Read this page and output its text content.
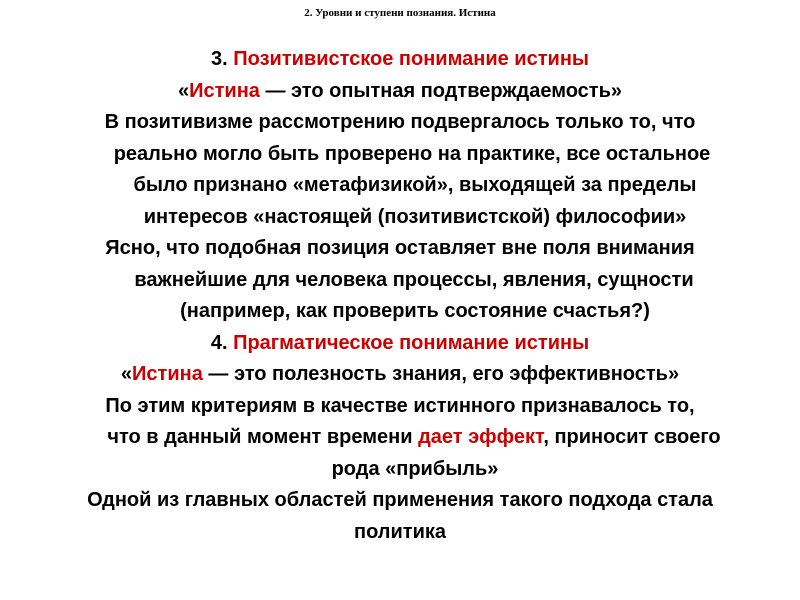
2. Уровни и ступени познания. Истина

3. Позитивистское понимание истины

«Истина — это опытная подтверждаемость»

В позитивизме рассмотрению подвергалось только то, что
реально могло быть проверено на практике, все остальное
было признано «метафизикой», выходящей за пределы
интересов «настоящей (позитивистской) философии»

Ясно, что подобная позиция оставляет вне поля внимания
важнейшие для человека процессы, явления, сущности
(например, как проверить состояние счастья?)

4. Прагматическое понимание истины

«Истина — это полезность знания, его эффективность»

По этим критериям в качестве истинного признавалось то,
что в данный момент времени дает эффект, приносит своего
рода «прибыль»

Одной из главных областей применения такого подхода стала
политика
